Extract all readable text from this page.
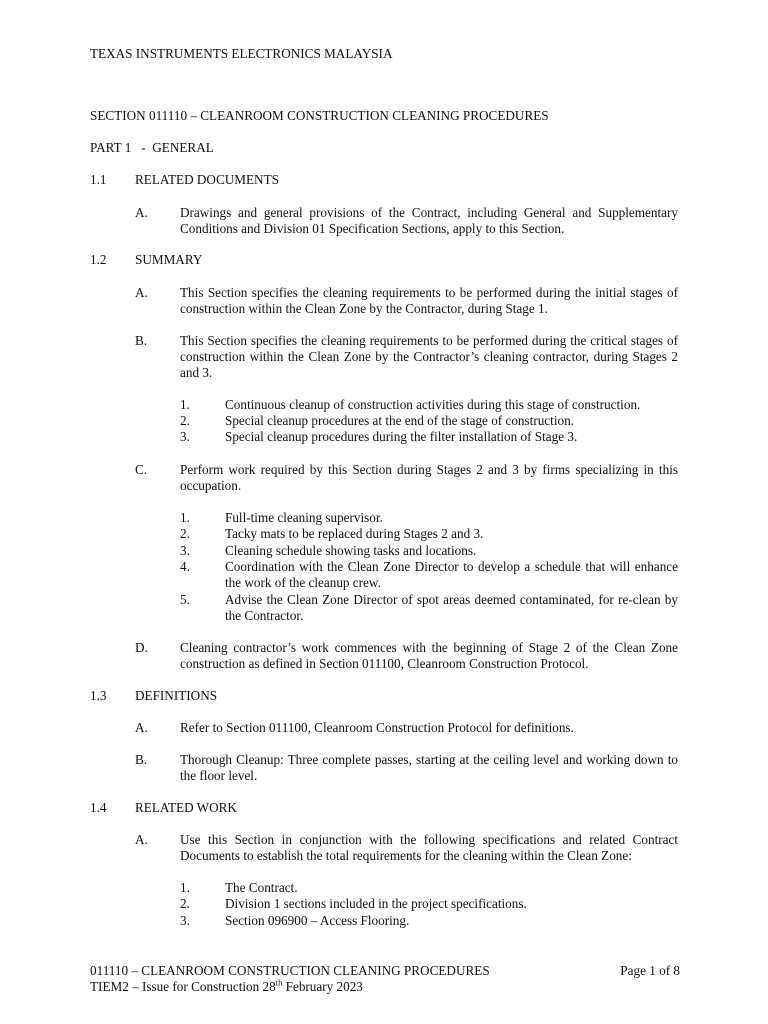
TEXAS INSTRUMENTS ELECTRONICS MALAYSIA
SECTION 011110 – CLEANROOM CONSTRUCTION CLEANING PROCEDURES
PART 1 - GENERAL
1.1 RELATED DOCUMENTS
A. Drawings and general provisions of the Contract, including General and Supplementary Conditions and Division 01 Specification Sections, apply to this Section.
1.2 SUMMARY
A. This Section specifies the cleaning requirements to be performed during the initial stages of construction within the Clean Zone by the Contractor, during Stage 1.
B. This Section specifies the cleaning requirements to be performed during the critical stages of construction within the Clean Zone by the Contractor’s cleaning contractor, during Stages 2 and 3.
1.	Continuous cleanup of construction activities during this stage of construction.
2.	Special cleanup procedures at the end of the stage of construction.
3.	Special cleanup procedures during the filter installation of Stage 3.
C. Perform work required by this Section during Stages 2 and 3 by firms specializing in this occupation.
1.	Full-time cleaning supervisor.
2.	Tacky mats to be replaced during Stages 2 and 3.
3.	Cleaning schedule showing tasks and locations.
4.	Coordination with the Clean Zone Director to develop a schedule that will enhance the work of the cleanup crew.
5.	Advise the Clean Zone Director of spot areas deemed contaminated, for re-clean by the Contractor.
D. Cleaning contractor’s work commences with the beginning of Stage 2 of the Clean Zone construction as defined in Section 011100, Cleanroom Construction Protocol.
1.3 DEFINITIONS
A. Refer to Section 011100, Cleanroom Construction Protocol for definitions.
B. Thorough Cleanup: Three complete passes, starting at the ceiling level and working down to the floor level.
1.4 RELATED WORK
A. Use this Section in conjunction with the following specifications and related Contract Documents to establish the total requirements for the cleaning within the Clean Zone:
1.	The Contract.
2.	Division 1 sections included in the project specifications.
3.	Section 096900 – Access Flooring.
011110 – CLEANROOM CONSTRUCTION CLEANING PROCEDURES	Page 1 of 8
TIEM2 – Issue for Construction 28th February 2023
